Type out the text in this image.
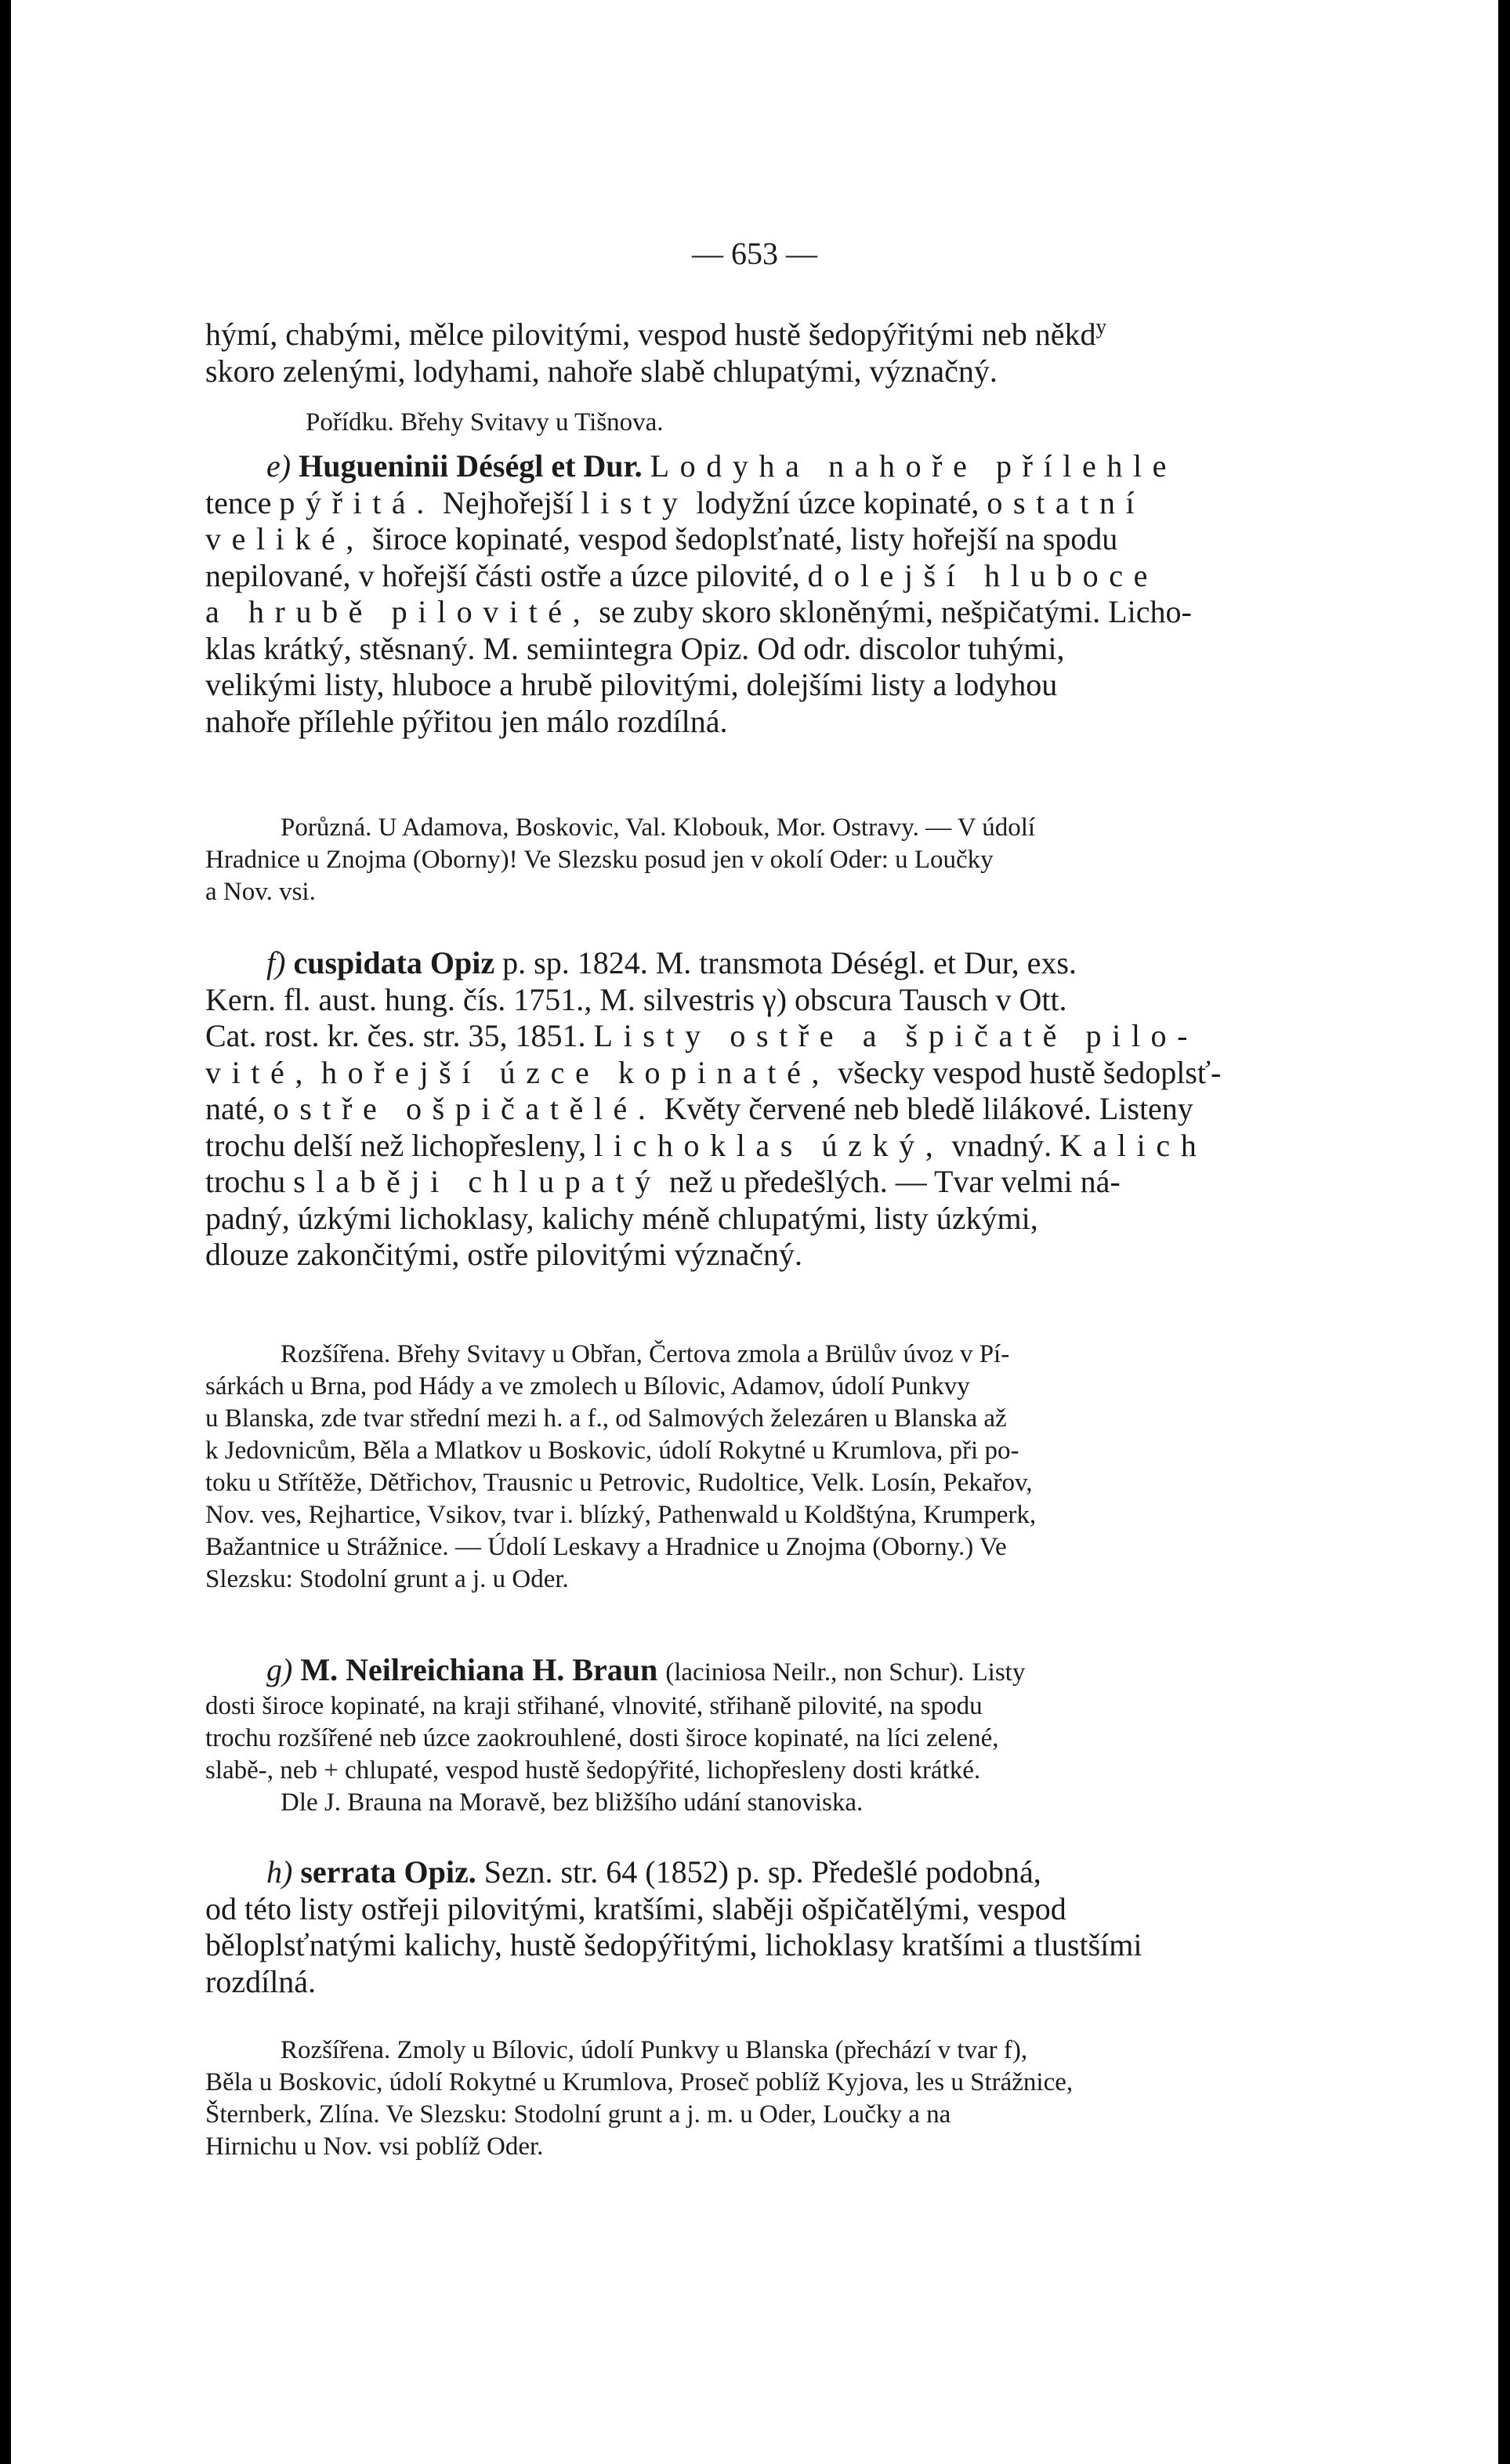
— 653 —
hýmí, chabými, mělce pilovitými, vespod hustě šedopýřitými neb někd$^y$
skoro zelenými, lodyhami, nahoře slabě chlupatými, význačný.
Pořídku. Břehy Svitavy u Tišnova.
e) Hugueninii Déségl et Dur. Lodyha nahoře přílehle
tence pýřitá. Nejhořejší listy lodyžní úzce kopinaté, ostatní
veliké, široce kopinaté, vespod šedoplsťnaté, listy hořejší na spodu
nepilované, v hořejší části ostře a úzce pilovité, dolejší hluboce
a hrubě pilovité, se zuby skoro skloněnými, nešpičatými. Licho-
klas krátký, stěsnaný. M. semiintegra Opiz. Od odr. discolor tuhými,
velikými listy, hluboce a hrubě pilovitými, dolejšími listy a lodyhou
nahoře přílehle pýřitou jen málo rozdílná.
Porůzná. U Adamova, Boskovic, Val. Klobouk, Mor. Ostravy. — V údolí
Hradnice u Znojma (Oborny)! Ve Slezsku posud jen v okolí Oder: u Loučky
a Nov. vsi.
f) cuspidata Opiz p. sp. 1824. M. transmota Déségl. et Dur, exs.
Kern. fl. aust. hung. čís. 1751., M. silvestris γ) obscura Tausch v Ott.
Cat. rost. kr. čes. str. 35, 1851. Listy ostře a špičatě pilo-
vité, hořejší úzce kopinaté, všecky vespod hustě šedoplsť-
naté, ostře ošpičatělé. Květy červené neb bledě lilákové. Listeny
trochu delší než lichopřesleny, lichoklas úzký, vnadný. Kalich
trochu slaběji chlupatý než u předešlých. — Tvar velmi ná-
padný, úzkými lichoklasy, kalichy méně chlupatými, listy úzkými,
dlouze zakončitými, ostře pilovitými význačný.
Rozšířena. Břehy Svitavy u Obřan, Čertova zmola a Brülův úvoz v Pí-
sárkách u Brna, pod Hády a ve zmolech u Bílovic, Adamov, údolí Punkvy
u Blanska, zde tvar střední mezi h. a f., od Salmových železáren u Blanska až
k Jedovnicům, Běla a Mlatkov u Boskovic, údolí Rokytné u Krumlova, při po-
toku u Střítěže, Dětřichov, Trausnic u Petrovic, Rudoltice, Velk. Losín, Pekařov,
Nov. ves, Rejhartice, Vsikov, tvar i. blízký, Pathenwald u Koldštýna, Krumperk,
Bažantnice u Strážnice. — Údolí Leskavy a Hradnice u Znojma (Oborny.) Ve
Slezsku: Stodolní grunt a j. u Oder.
g) M. Neilreichiana H. Braun (laciniosa Neilr., non Schur). Listy
dosti široce kopinaté, na kraji střihané, vlnovité, střihaně pilovité, na spodu
trochu rozšířené neb úzce zaokrouhlené, dosti široce kopinaté, na líci zelené,
slabě-, neb + chlupaté, vespod hustě šedopýřité, lichopřesleny dosti krátké.
Dle J. Brauna na Moravě, bez bližšího udání stanoviska.
h) serrata Opiz. Sezn. str. 64 (1852) p. sp. Předešlé podobná,
od této listy ostřeji pilovitými, kratšími, slaběji ošpičatělými, vespod
běloplsťnatými kalichy, hustě šedopýřitými, lichoklasy kratšími a tlustšími
rozdílná.
Rozšířena. Zmoly u Bílovic, údolí Punkvy u Blanska (přechází v tvar f),
Běla u Boskovic, údolí Rokytné u Krumlova, Proseč poblíž Kyjova, les u Strážnice,
Šternberk, Zlína. Ve Slezsku: Stodolní grunt a j. m. u Oder, Loučky a na
Hirnichu u Nov. vsi poblíž Oder.
